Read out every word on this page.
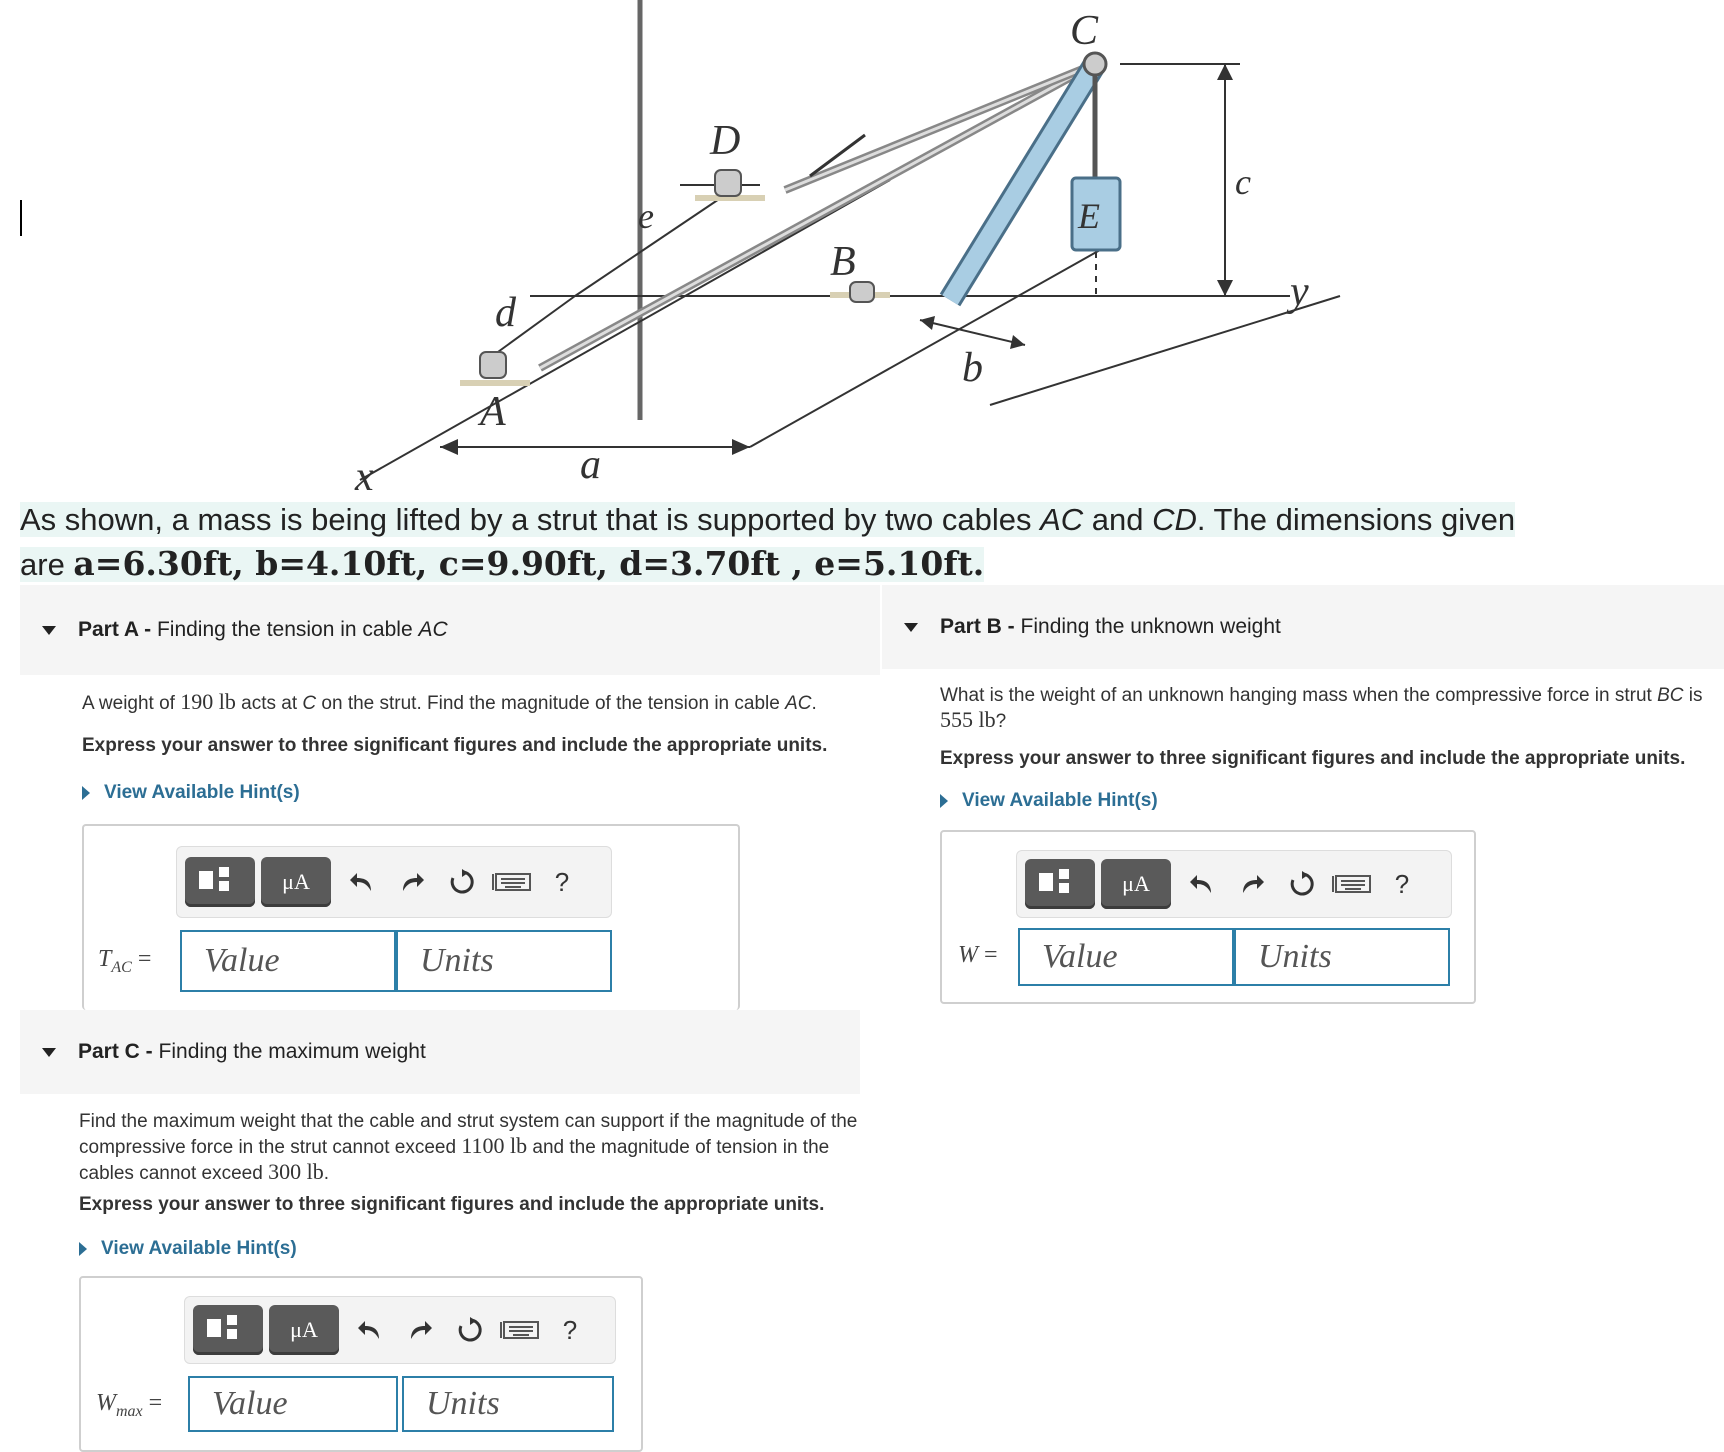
C
D
E
B
A
a
b
c
d
e
x
y
As shown, a mass is being lifted by a strut that is supported by two cables AC and CD. The dimensions given
are a=6.30ft, b=4.10ft, c=9.90ft, d=3.70ft , e=5.10ft.
Part A - Finding the tension in cable AC
A weight of 190 lb acts at C on the strut. Find the magnitude of the tension in cable AC.
Express your answer to three significant figures and include the appropriate units.
View Available Hint(s)
μA	?
$T_{AC}$ =	Value	Units
Part B - Finding the unknown weight
What is the weight of an unknown hanging mass when the compressive force in strut BC is
555 lb?
Express your answer to three significant figures and include the appropriate units.
View Available Hint(s)
μA	?
W =	Value	Units
Part C - Finding the maximum weight
Find the maximum weight that the cable and strut system can support if the magnitude of the
compressive force in the strut cannot exceed 1100 lb and the magnitude of tension in the
cables cannot exceed 300 lb.
Express your answer to three significant figures and include the appropriate units.
View Available Hint(s)
μA	?
$W_{max}$ =	Value	Units
